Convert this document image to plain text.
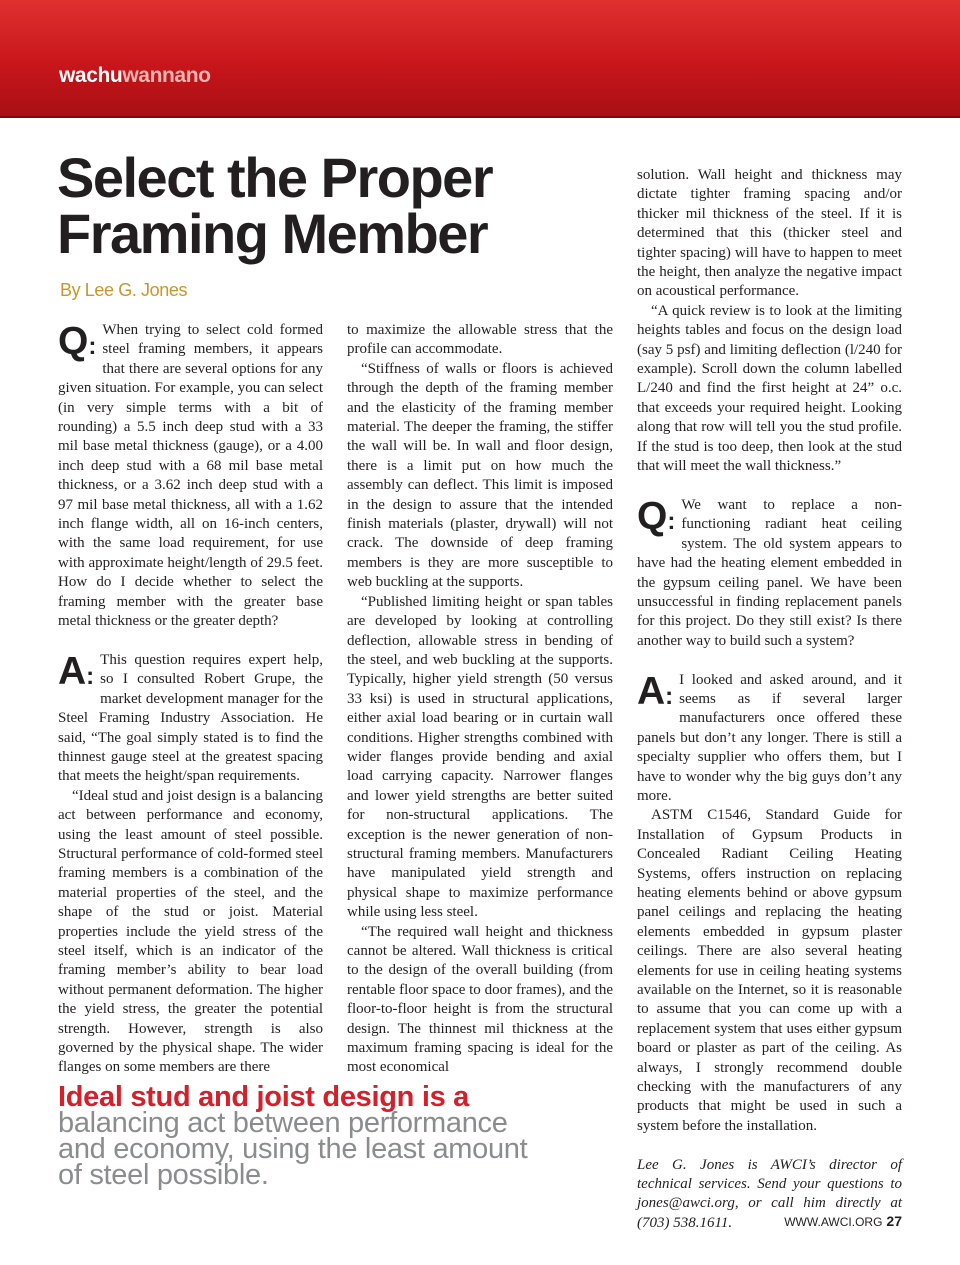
wachuwannano
Select the Proper Framing Member
By Lee G. Jones

Q:
When trying to select cold formed steel framing members, it appears that there are several options for any given situation. For example, you can select (in very simple terms with a bit of rounding) a 5.5 inch deep stud with a 33 mil base metal thickness (gauge), or a 4.00 inch deep stud with a 68 mil base metal thickness, or a 3.62 inch deep stud with a 97 mil base metal thickness, all with a 1.62 inch flange width, all on 16-inch centers, with the same load requirement, for use with approximate height/length of 29.5 feet. How do I decide whether to select the framing member with the greater base metal thickness or the greater depth?

A:
This question requires expert help, so I consulted Robert Grupe, the market development manager for the Steel Framing Industry Association. He said, “The goal simply stated is to find the thinnest gauge steel at the greatest spacing that meets the height/span requirements.

“Ideal stud and joist design is a balancing act between performance and economy, using the least amount of steel possible. Structural performance of cold-formed steel framing members is a combination of the material properties of the steel, and the shape of the stud or joist. Material properties include the yield stress of the steel itself, which is an indicator of the framing member’s ability to bear load without permanent deformation. The higher the yield stress, the greater the potential strength. However, strength is also governed by the physical shape. The wider flanges on some members are there

to maximize the allowable stress that the profile can accommodate.

“Stiffness of walls or floors is achieved through the depth of the framing member and the elasticity of the framing member material. The deeper the framing, the stiffer the wall will be. In wall and floor design, there is a limit put on how much the assembly can deflect. This limit is imposed in the design to assure that the intended finish materials (plaster, drywall) will not crack. The downside of deep framing members is they are more susceptible to web buckling at the supports.

“Published limiting height or span tables are developed by looking at controlling deflection, allowable stress in bending of the steel, and web buckling at the supports. Typically, higher yield strength (50 versus 33 ksi) is used in structural applications, either axial load bearing or in curtain wall conditions. Higher strengths combined with wider flanges provide bending and axial load carrying capacity. Narrower flanges and lower yield strengths are better suited for non-structural applications. The exception is the newer generation of non-structural framing members. Manufacturers have manipulated yield strength and physical shape to maximize performance while using less steel.

“The required wall height and thickness cannot be altered. Wall thickness is critical to the design of the overall building (from rentable floor space to door frames), and the floor-to-floor height is from the structural design. The thinnest mil thickness at the maximum framing spacing is ideal for the most economical

solution. Wall height and thickness may dictate tighter framing spacing and/or thicker mil thickness of the steel. If it is determined that this (thicker steel and tighter spacing) will have to happen to meet the height, then analyze the negative impact on acoustical performance.

“A quick review is to look at the limiting heights tables and focus on the design load (say 5 psf) and limiting deflection (l/240 for example). Scroll down the column labelled L/240 and find the first height at 24” o.c. that exceeds your required height. Looking along that row will tell you the stud profile. If the stud is too deep, then look at the stud that will meet the wall thickness.”

Q:
We want to replace a non-functioning radiant heat ceiling system. The old system appears to have had the heating element embedded in the gypsum ceiling panel. We have been unsuccessful in finding replacement panels for this project. Do they still exist? Is there another way to build such a system?

A:
I looked and asked around, and it seems as if several larger manufacturers once offered these panels but don’t any longer. There is still a specialty supplier who offers them, but I have to wonder why the big guys don’t any more.

ASTM C1546, Standard Guide for Installation of Gypsum Products in Concealed Radiant Ceiling Heating Systems, offers instruction on replacing heating elements behind or above gypsum panel ceilings and replacing the heating elements embedded in gypsum plaster ceilings. There are also several heating elements for use in ceiling heating systems available on the Internet, so it is reasonable to assume that you can come up with a replacement system that uses either gypsum board or plaster as part of the ceiling. As always, I strongly recommend double checking with the manufacturers of any products that might be used in such a system before the installation.

Lee G. Jones is AWCI’s director of technical services. Send your questions to jones@awci.org, or call him directly at (703) 538.1611.

Ideal stud and joist design is a
balancing act between performance and economy, using the least amount of steel possible.
WWW.AWCI.ORG 27
